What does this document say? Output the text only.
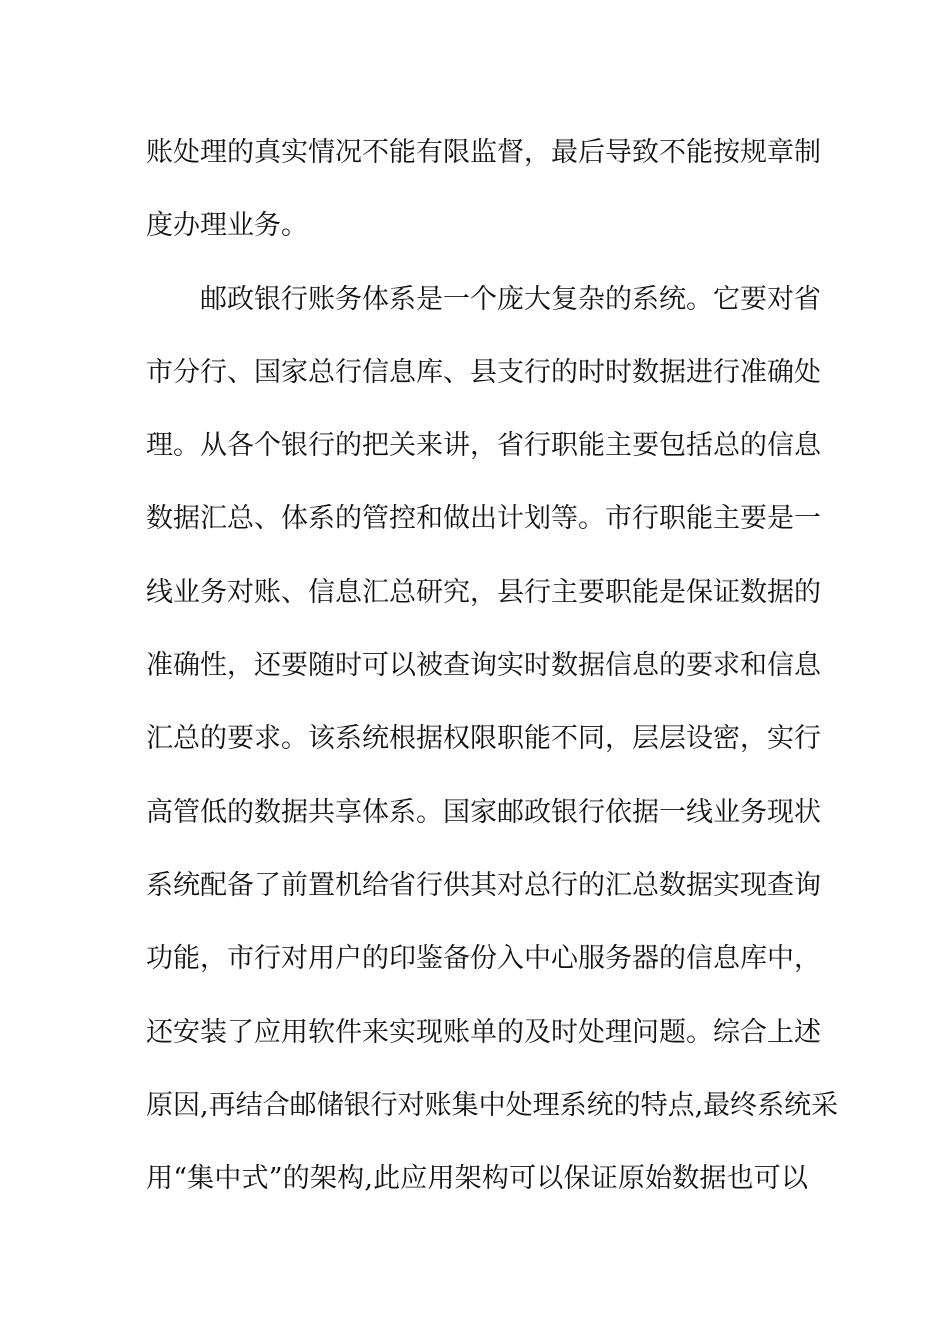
账处理的真实情况不能有限监督，最后导致不能按规章制
度办理业务。
邮政银行账务体系是一个庞大复杂的系统。它要对省
市分行、国家总行信息库、县支行的时时数据进行准确处
理。从各个银行的把关来讲，省行职能主要包括总的信息
数据汇总、体系的管控和做出计划等。市行职能主要是一
线业务对账、信息汇总研究，县行主要职能是保证数据的
准确性，还要随时可以被查询实时数据信息的要求和信息
汇总的要求。该系统根据权限职能不同，层层设密，实行
高管低的数据共享体系。国家邮政银行依据一线业务现状
系统配备了前置机给省行供其对总行的汇总数据实现查询
功能，市行对用户的印鉴备份入中心服务器的信息库中，
还安装了应用软件来实现账单的及时处理问题。综合上述
原因,再结合邮储银行对账集中处理系统的特点,最终系统采
用“集中式”的架构,此应用架构可以保证原始数据也可以
